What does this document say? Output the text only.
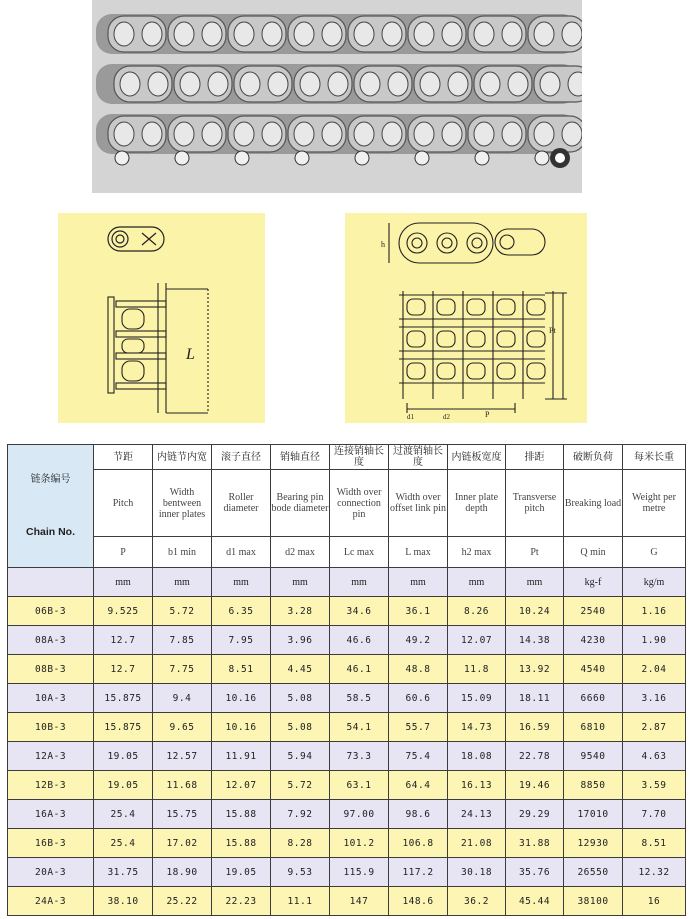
L
h
P
Pt
d1	d2
链条编号
Chain No.	节距	内链节内宽	滚子直径	销轴直径	连接销轴长度	过渡销轴长度	内链板宽度	排距	破断负荷	每米长重
	Pitch	Width bentween inner plates	Roller diameter	Bearing pin bode diameter	Width over connection pin	Width over offset link pin	Inner plate depth	Transverse pitch	Breaking load	Weight per metre
	P	b1 min	d1 max	d2 max	Lc max	L max	h2 max	Pt	Q min	G
	mm	mm	mm	mm	mm	mm	mm	mm	kg-f	kg/m
06B-3	9.525	5.72	6.35	3.28	34.6	36.1	8.26	10.24	2540	1.16
08A-3	12.7	7.85	7.95	3.96	46.6	49.2	12.07	14.38	4230	1.90
08B-3	12.7	7.75	8.51	4.45	46.1	48.8	11.8	13.92	4540	2.04
10A-3	15.875	9.4	10.16	5.08	58.5	60.6	15.09	18.11	6660	3.16
10B-3	15.875	9.65	10.16	5.08	54.1	55.7	14.73	16.59	6810	2.87
12A-3	19.05	12.57	11.91	5.94	73.3	75.4	18.08	22.78	9540	4.63
12B-3	19.05	11.68	12.07	5.72	63.1	64.4	16.13	19.46	8850	3.59
16A-3	25.4	15.75	15.88	7.92	97.00	98.6	24.13	29.29	17010	7.70
16B-3	25.4	17.02	15.88	8.28	101.2	106.8	21.08	31.88	12930	8.51
20A-3	31.75	18.90	19.05	9.53	115.9	117.2	30.18	35.76	26550	12.32
24A-3	38.10	25.22	22.23	11.1	147	148.6	36.2	45.44	38100	16
